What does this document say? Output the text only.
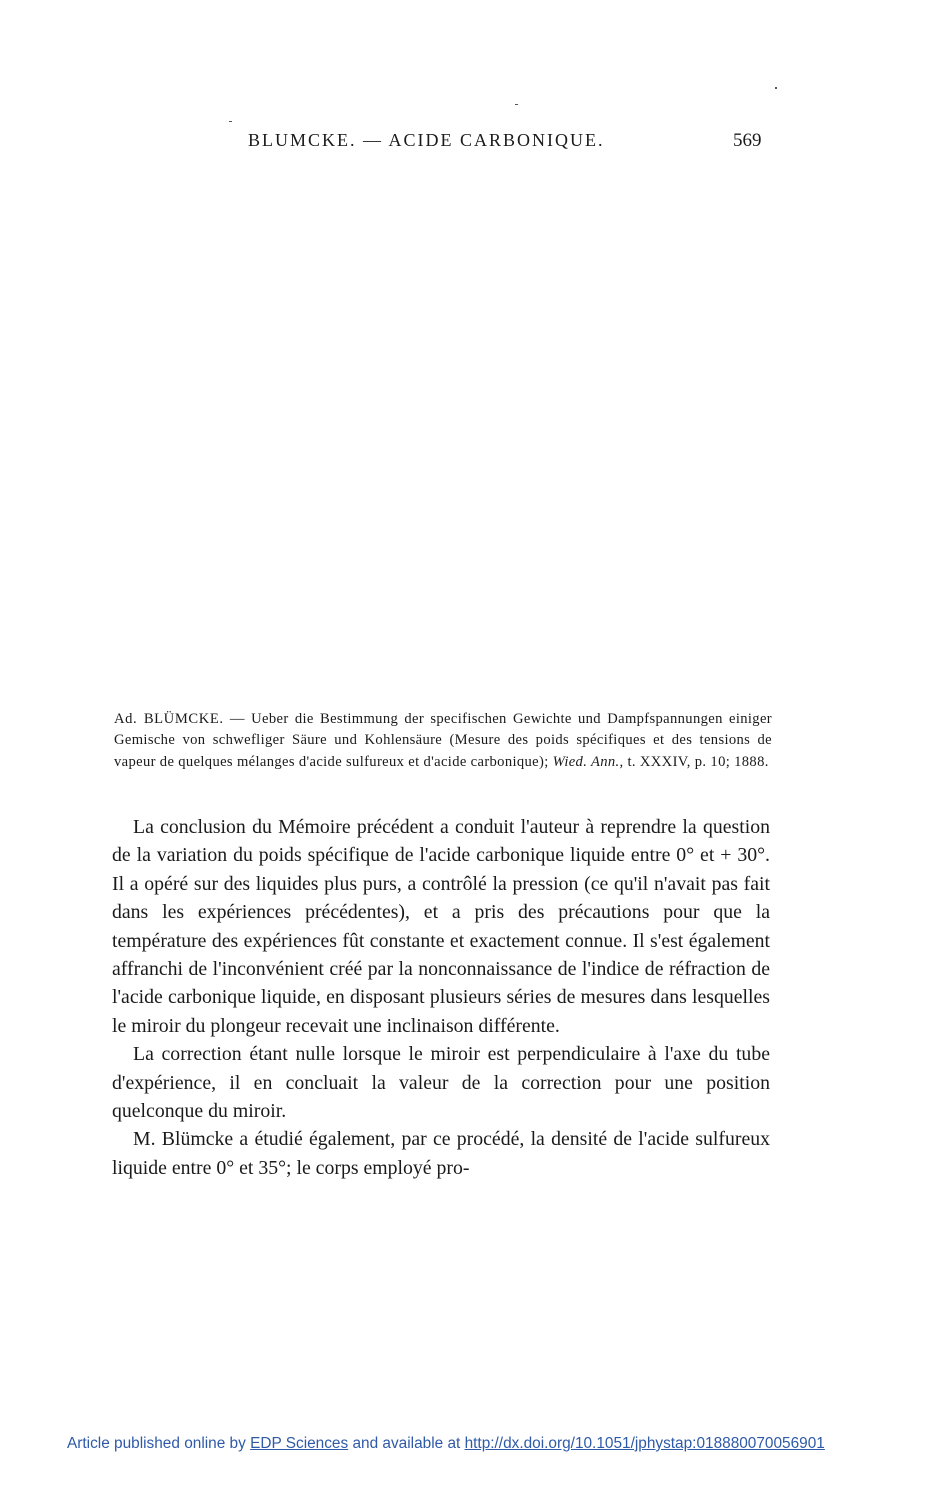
BLUMCKE. — ACIDE CARBONIQUE.	569
Ad. BLÜMCKE. — Ueber die Bestimmung der specifischen Gewichte und Dampfspannungen einiger Gemische von schwefliger Säure und Kohlensäure (Mesure des poids spécifiques et des tensions de vapeur de quelques mélanges d'acide sulfureux et d'acide carbonique); Wied. Ann., t. XXXIV, p. 10; 1888.

La conclusion du Mémoire précédent a conduit l'auteur à reprendre la question de la variation du poids spécifique de l'acide carbonique liquide entre 0° et + 30°. Il a opéré sur des liquides plus purs, a contrôlé la pression (ce qu'il n'avait pas fait dans les expériences précédentes), et a pris des précautions pour que la température des expériences fût constante et exactement connue. Il s'est également affranchi de l'inconvénient créé par la nonconnaissance de l'indice de réfraction de l'acide carbonique liquide, en disposant plusieurs séries de mesures dans lesquelles le miroir du plongeur recevait une inclinaison différente.

La correction étant nulle lorsque le miroir est perpendiculaire à l'axe du tube d'expérience, il en concluait la valeur de la correction pour une position quelconque du miroir.

M. Blümcke a étudié également, par ce procédé, la densité de l'acide sulfureux liquide entre 0° et 35°; le corps employé pro-

Article published online by EDP Sciences and available at http://dx.doi.org/10.1051/jphystap:018880070056901
